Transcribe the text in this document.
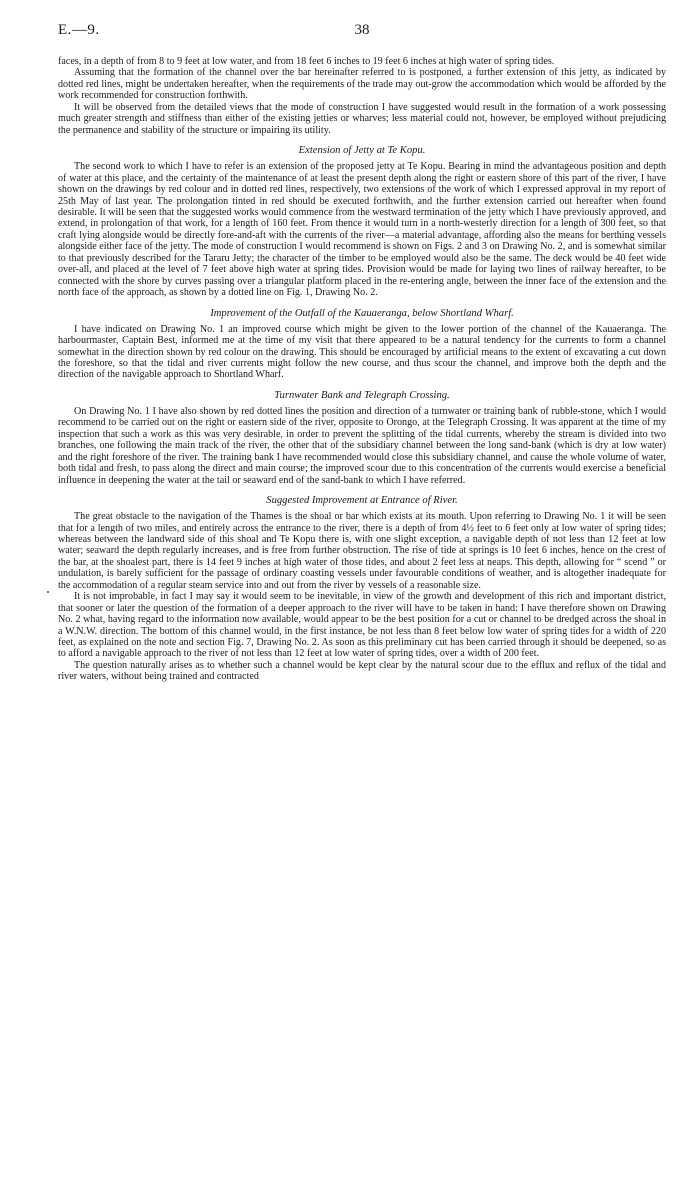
E.—9.	38

faces, in a depth of from 8 to 9 feet at low water, and from 18 feet 6 inches to 19 feet 6 inches at high water of spring tides.

Assuming that the formation of the channel over the bar hereinafter referred to is postponed, a further extension of this jetty, as indicated by dotted red lines, might be undertaken hereafter, when the requirements of the trade may out-grow the accommodation which would be afforded by the work recommended for construction forthwith.

It will be observed from the detailed views that the mode of construction I have suggested would result in the formation of a work possessing much greater strength and stiffness than either of the existing jetties or wharves; less material could not, however, be employed without prejudicing the permanence and stability of the structure or impairing its utility.

Extension of Jetty at Te Kopu.

The second work to which I have to refer is an extension of the proposed jetty at Te Kopu. Bearing in mind the advantageous position and depth of water at this place, and the certainty of the maintenance of at least the present depth along the right or eastern shore of this part of the river, I have shown on the drawings by red colour and in dotted red lines, respectively, two extensions of the work of which I expressed approval in my report of 25th May of last year. The prolongation tinted in red should be executed forthwith, and the further extension carried out hereafter when found desirable. It will be seen that the suggested works would commence from the westward termination of the jetty which I have previously approved, and extend, in prolongation of that work, for a length of 160 feet. From thence it would turn in a north-westerly direction for a length of 300 feet, so that craft lying alongside would be directly fore-and-aft with the currents of the river—a material advantage, affording also the means for berthing vessels alongside either face of the jetty. The mode of construction I would recommend is shown on Figs. 2 and 3 on Drawing No. 2, and is somewhat similar to that previously described for the Tararu Jetty; the character of the timber to be employed would also be the same. The deck would be 40 feet wide over-all, and placed at the level of 7 feet above high water at spring tides. Provision would be made for laying two lines of railway hereafter, to be connected with the shore by curves passing over a triangular platform placed in the re-entering angle, between the inner face of the extension and the north face of the approach, as shown by a dotted line on Fig. 1, Drawing No. 2.

Improvement of the Outfall of the Kauaeranga, below Shortland Wharf.

I have indicated on Drawing No. 1 an improved course which might be given to the lower portion of the channel of the Kauaeranga. The harbourmaster, Captain Best, informed me at the time of my visit that there appeared to be a natural tendency for the currents to form a channel somewhat in the direction shown by red colour on the drawing. This should be encouraged by artificial means to the extent of excavating a cut down the foreshore, so that the tidal and river currents might follow the new course, and thus scour the channel, and improve both the depth and the direction of the navigable approach to Shortland Wharf.

Turnwater Bank and Telegraph Crossing.

On Drawing No. 1 I have also shown by red dotted lines the position and direction of a turnwater or training bank of rubble-stone, which I would recommend to be carried out on the right or eastern side of the river, opposite to Orongo, at the Telegraph Crossing. It was apparent at the time of my inspection that such a work as this was very desirable, in order to prevent the splitting of the tidal currents, whereby the stream is divided into two branches, one following the main track of the river, the other that of the subsidiary channel between the long sand-bank (which is dry at low water) and the right foreshore of the river. The training bank I have recommended would close this subsidiary channel, and cause the whole volume of water, both tidal and fresh, to pass along the direct and main course; the improved scour due to this concentration of the currents would exercise a beneficial influence in deepening the water at the tail or seaward end of the sand-bank to which I have referred.

Suggested Improvement at Entrance of River.

The great obstacle to the navigation of the Thames is the shoal or bar which exists at its mouth. Upon referring to Drawing No. 1 it will be seen that for a length of two miles, and entirely across the entrance to the river, there is a depth of from 4½ feet to 6 feet only at low water of spring tides; whereas between the landward side of this shoal and Te Kopu there is, with one slight exception, a navigable depth of not less than 12 feet at low water; seaward the depth regularly increases, and is free from further obstruction. The rise of tide at springs is 10 feet 6 inches, hence on the crest of the bar, at the shoalest part, there is 14 feet 9 inches at high water of those tides, and about 2 feet less at neaps. This depth, allowing for “ scend ” or undulation, is barely sufficient for the passage of ordinary coasting vessels under favourable conditions of weather, and is altogether inadequate for the accommodation of a regular steam service into and out from the river by vessels of a reasonable size.

It is not improbable, in fact I may say it would seem to be inevitable, in view of the growth and development of this rich and important district, that sooner or later the question of the formation of a deeper approach to the river will have to be taken in hand: I have therefore shown on Drawing No. 2 what, having regard to the information now available, would appear to be the best position for a cut or channel to be dredged across the shoal in a W.N.W. direction. The bottom of this channel would, in the first instance, be not less than 8 feet below low water of spring tides for a width of 220 feet, as explained on the note and section Fig. 7, Drawing No. 2. As soon as this preliminary cut has been carried through it should be deepened, so as to afford a navigable approach to the river of not less than 12 feet at low water of spring tides, over a width of 200 feet.

The question naturally arises as to whether such a channel would be kept clear by the natural scour due to the efflux and reflux of the tidal and river waters, without being trained and contracted
